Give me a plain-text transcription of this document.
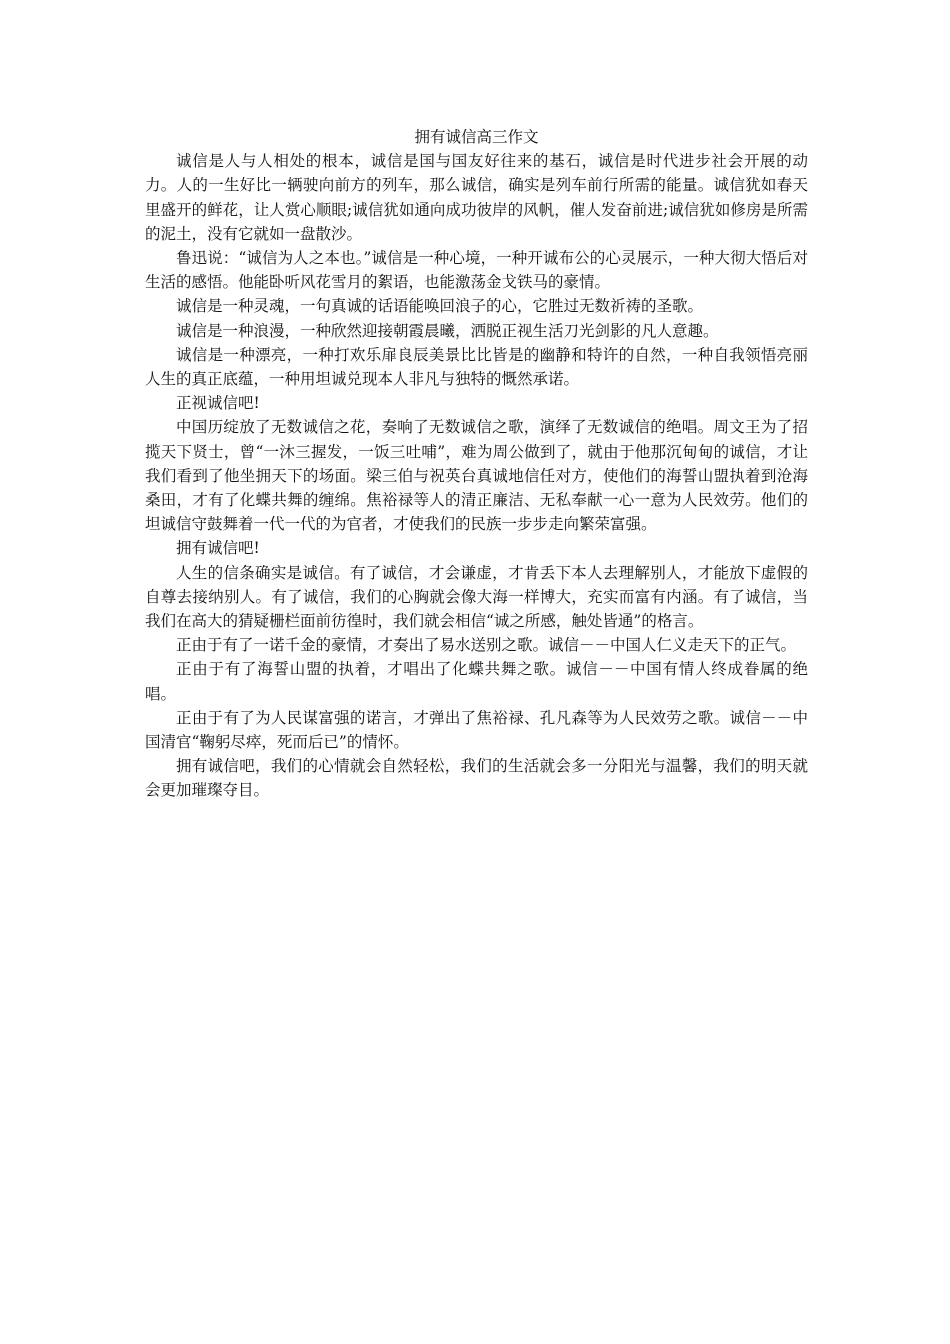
拥有诚信高三作文

诚信是人与人相处的根本，诚信是国与国友好往来的基石，诚信是时代进步社会开展的动力。人的一生好比一辆驶向前方的列车，那么诚信，确实是列车前行所需的能量。诚信犹如春天里盛开的鲜花，让人赏心顺眼;诚信犹如通向成功彼岸的风帆，催人发奋前进;诚信犹如修房是所需的泥土，没有它就如一盘散沙。

鲁迅说：“诚信为人之本也。”诚信是一种心境，一种开诚布公的心灵展示，一种大彻大悟后对生活的感悟。他能卧听风花雪月的絮语，也能激荡金戈铁马的豪情。

诚信是一种灵魂，一句真诚的话语能唤回浪子的心，它胜过无数祈祷的圣歌。

诚信是一种浪漫，一种欣然迎接朝霞晨曦，洒脱正视生活刀光剑影的凡人意趣。

诚信是一种漂亮，一种打欢乐扉良辰美景比比皆是的幽静和特许的自然，一种自我领悟亮丽人生的真正底蕴，一种用坦诚兑现本人非凡与独特的慨然承诺。

正视诚信吧!

中国历绽放了无数诚信之花，奏响了无数诚信之歌，演绎了无数诚信的绝唱。周文王为了招揽天下贤士，曾“一沐三握发，一饭三吐哺”，难为周公做到了，就由于他那沉甸甸的诚信，才让我们看到了他坐拥天下的场面。梁三伯与祝英台真诚地信任对方，使他们的海誓山盟执着到沧海桑田，才有了化蝶共舞的缠绵。焦裕禄等人的清正廉洁、无私奉献一心一意为人民效劳。他们的坦诚信守鼓舞着一代一代的为官者，才使我们的民族一步步走向繁荣富强。

拥有诚信吧!

人生的信条确实是诚信。有了诚信，才会谦虚，才肯丢下本人去理解别人，才能放下虚假的自尊去接纳别人。有了诚信，我们的心胸就会像大海一样博大，充实而富有内涵。有了诚信，当我们在高大的猜疑栅栏面前彷徨时，我们就会相信“诚之所感，触处皆通”的格言。

正由于有了一诺千金的豪情，才奏出了易水送别之歌。诚信－－中国人仁义走天下的正气。

正由于有了海誓山盟的执着，才唱出了化蝶共舞之歌。诚信－－中国有情人终成眷属的绝唱。

正由于有了为人民谋富强的诺言，才弹出了焦裕禄、孔凡森等为人民效劳之歌。诚信－－中国清官“鞠躬尽瘁，死而后已”的情怀。

拥有诚信吧，我们的心情就会自然轻松，我们的生活就会多一分阳光与温馨，我们的明天就会更加璀璨夺目。
